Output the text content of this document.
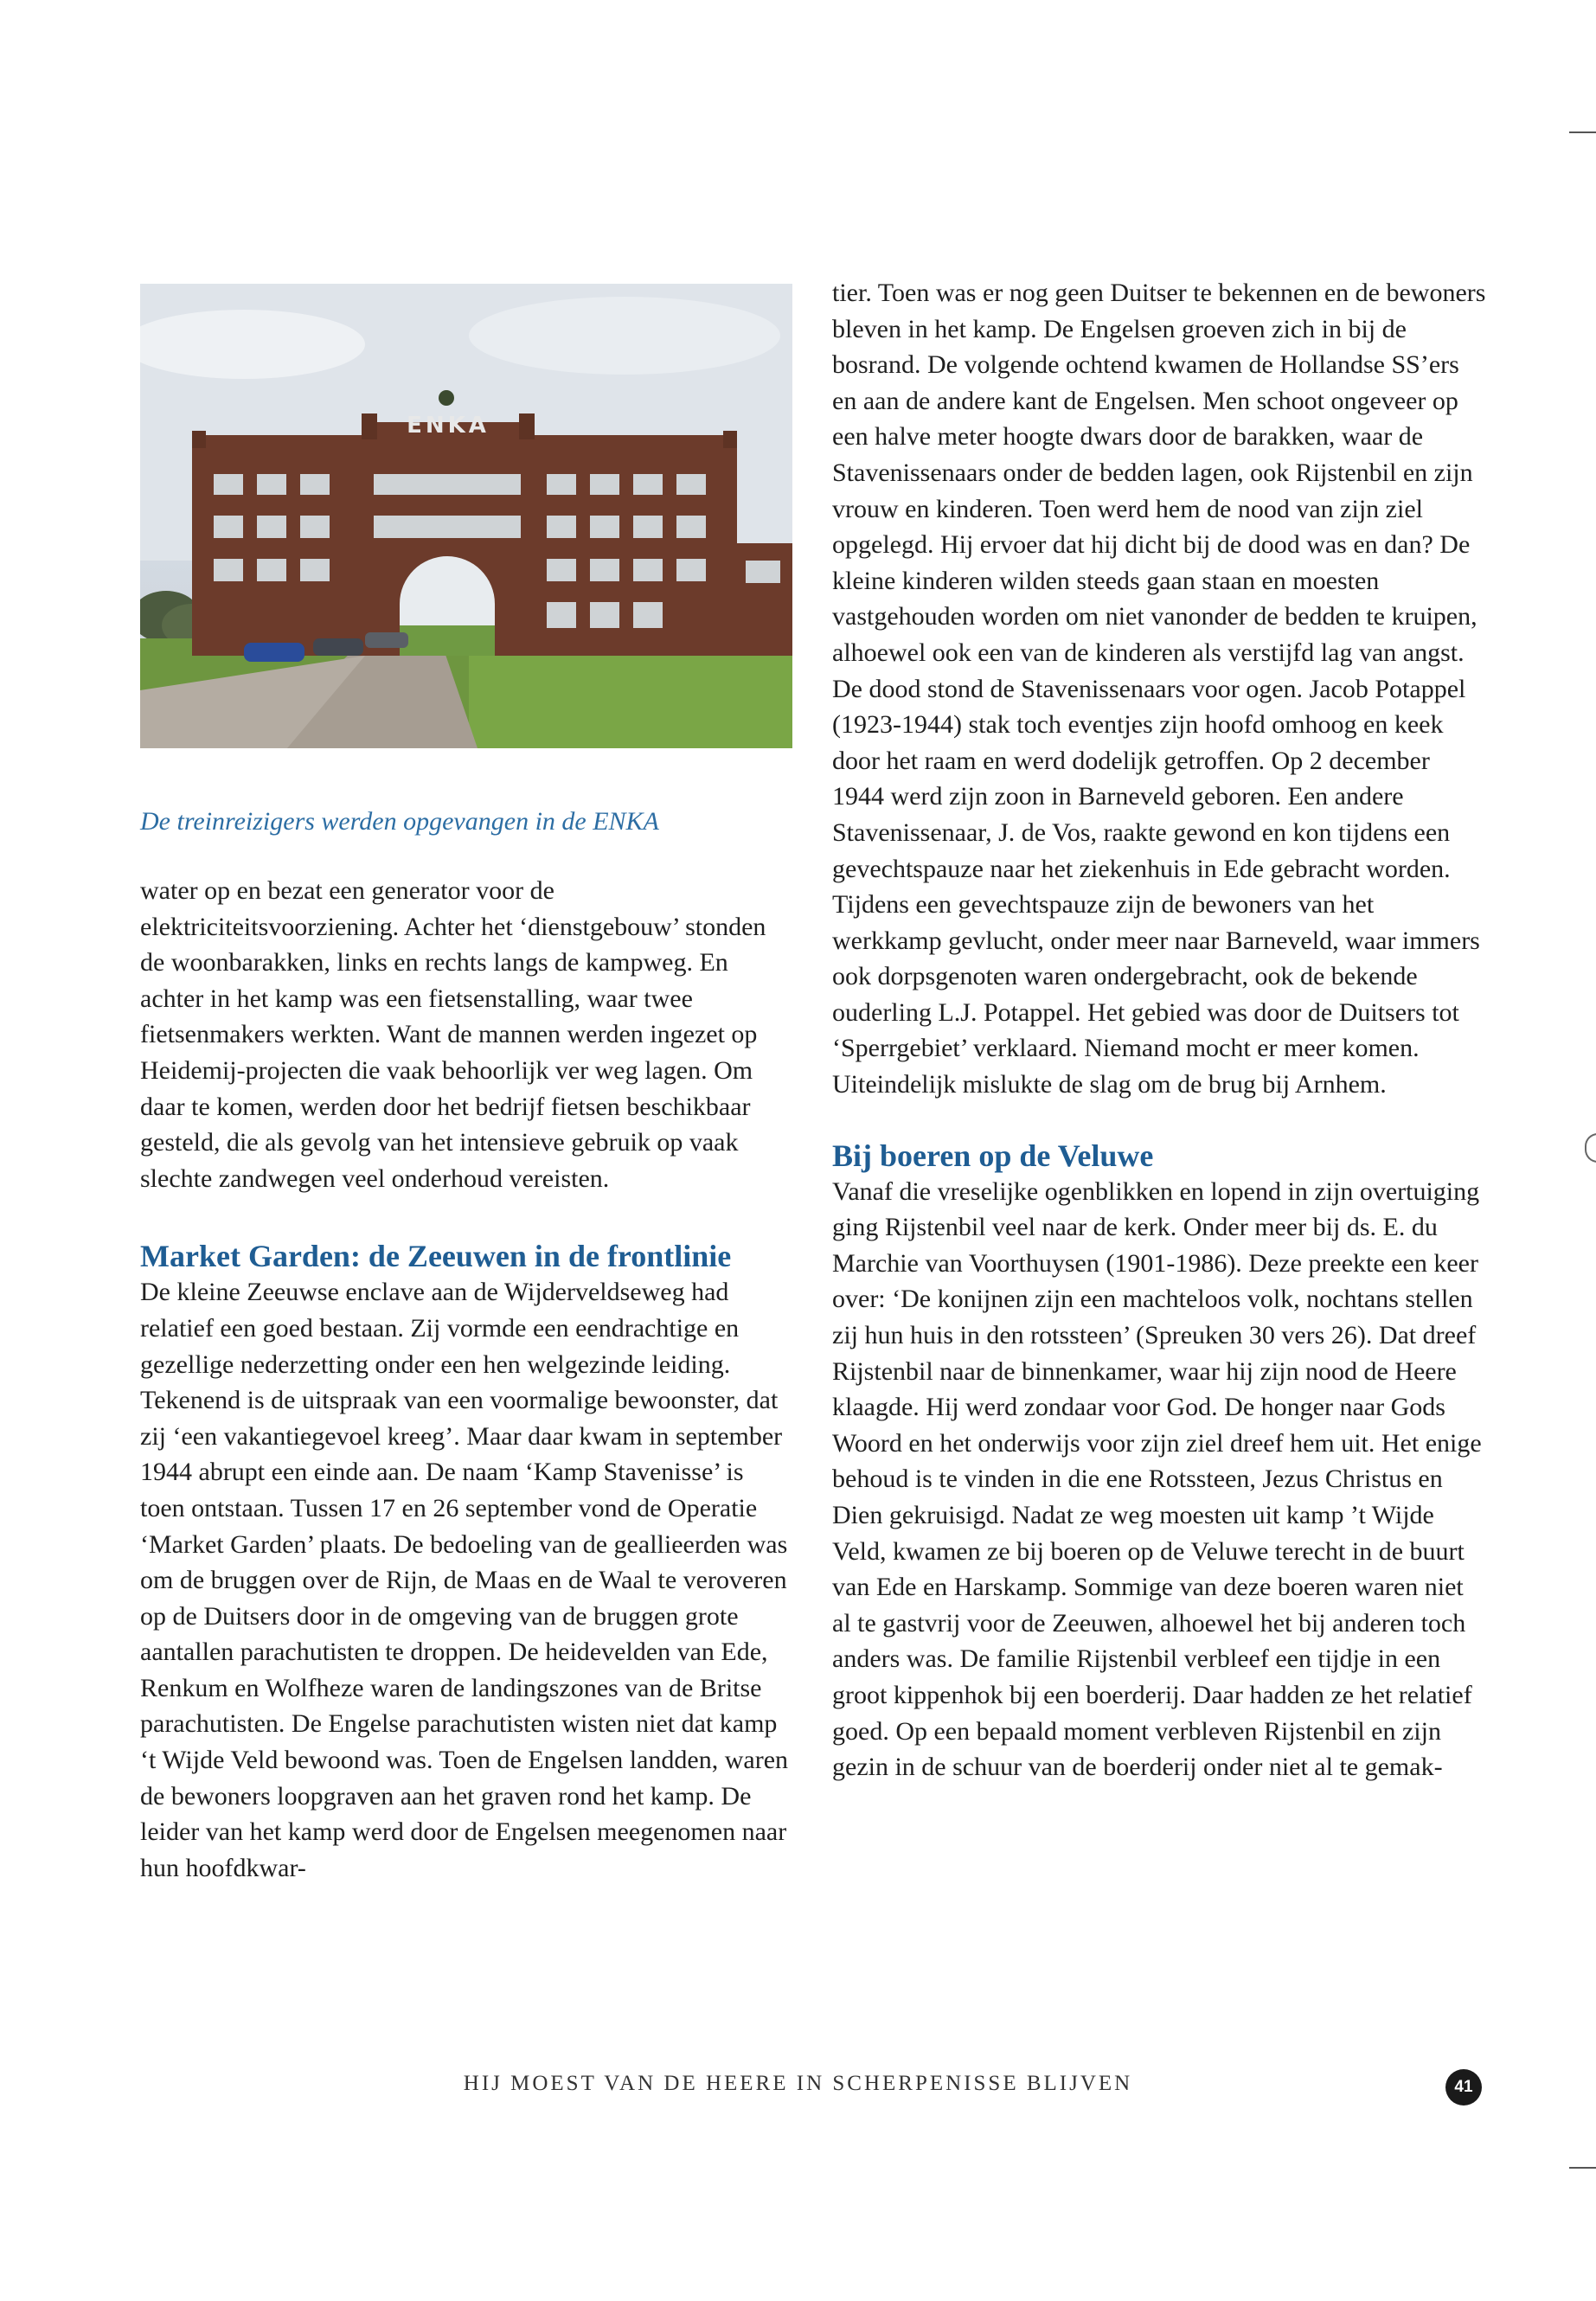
ENKA

De treinreizigers werden opgevangen in de ENKA

water op en bezat een generator voor de elektriciteitsvoorziening. Achter het ‘dienstgebouw’ stonden de woonbarakken, links en rechts langs de kampweg. En achter in het kamp was een fietsenstalling, waar twee fietsenmakers werkten. Want de mannen werden ingezet op Heidemij-projecten die vaak behoorlijk ver weg lagen. Om daar te komen, werden door het bedrijf fietsen beschikbaar gesteld, die als gevolg van het intensieve gebruik op vaak slechte zandwegen veel onderhoud vereisten.

Market Garden: de Zeeuwen in de frontlinie

De kleine Zeeuwse enclave aan de Wijderveldseweg had relatief een goed bestaan. Zij vormde een eendrachtige en gezellige nederzetting onder een hen welgezinde leiding. Tekenend is de uitspraak van een voormalige bewoonster, dat zij ‘een vakantiegevoel kreeg’. Maar daar kwam in september 1944 abrupt een einde aan. De naam ‘Kamp Stavenisse’ is toen ontstaan. Tussen 17 en 26 september vond de Operatie ‘Market Garden’ plaats. De bedoeling van de geallieerden was om de bruggen over de Rijn, de Maas en de Waal te veroveren op de Duitsers door in de omgeving van de bruggen grote aantallen parachutisten te droppen. De heidevelden van Ede, Renkum en Wolfheze waren de landingszones van de Britse parachutisten. De Engelse parachutisten wisten niet dat kamp ‘t Wijde Veld bewoond was. Toen de Engelsen landden, waren de bewoners loopgraven aan het graven rond het kamp. De leider van het kamp werd door de Engelsen meegenomen naar hun hoofdkwar-

tier. Toen was er nog geen Duitser te bekennen en de bewoners bleven in het kamp. De Engelsen groeven zich in bij de bosrand. De volgende ochtend kwamen de Hollandse SS’ers en aan de andere kant de Engelsen. Men schoot ongeveer op een halve meter hoogte dwars door de barakken, waar de Stavenissenaars onder de bedden lagen, ook Rijstenbil en zijn vrouw en kinderen. Toen werd hem de nood van zijn ziel opgelegd. Hij ervoer dat hij dicht bij de dood was en dan? De kleine kinderen wilden steeds gaan staan en moesten vastgehouden worden om niet vanonder de bedden te kruipen, alhoewel ook een van de kinderen als verstijfd lag van angst. De dood stond de Stavenissenaars voor ogen. Jacob Potappel (1923-1944) stak toch eventjes zijn hoofd omhoog en keek door het raam en werd dodelijk getroffen. Op 2 december 1944 werd zijn zoon in Barneveld geboren. Een andere Stavenissenaar, J. de Vos, raakte gewond en kon tijdens een gevechtspauze naar het ziekenhuis in Ede gebracht worden. Tijdens een gevechtspauze zijn de bewoners van het werkkamp gevlucht, onder meer naar Barneveld, waar immers ook dorpsgenoten waren ondergebracht, ook de bekende ouderling L.J. Potappel. Het gebied was door de Duitsers tot ‘Sperrgebiet’ verklaard. Niemand mocht er meer komen. Uiteindelijk mislukte de slag om de brug bij Arnhem.

Bij boeren op de Veluwe

Vanaf die vreselijke ogenblikken en lopend in zijn overtuiging ging Rijstenbil veel naar de kerk. Onder meer bij ds. E. du Marchie van Voorthuysen (1901-1986). Deze preekte een keer over: ‘De konijnen zijn een machteloos volk, nochtans stellen zij hun huis in den rotssteen’ (Spreuken 30 vers 26). Dat dreef Rijstenbil naar de binnenkamer, waar hij zijn nood de Heere klaagde. Hij werd zondaar voor God. De honger naar Gods Woord en het onderwijs voor zijn ziel dreef hem uit. Het enige behoud is te vinden in die ene Rotssteen, Jezus Christus en Dien gekruisigd. Nadat ze weg moesten uit kamp ’t Wijde Veld, kwamen ze bij boeren op de Veluwe terecht in de buurt van Ede en Harskamp. Sommige van deze boeren waren niet al te gastvrij voor de Zeeuwen, alhoewel het bij anderen toch anders was. De familie Rijstenbil verbleef een tijdje in een groot kippenhok bij een boerderij. Daar hadden ze het relatief goed. Op een bepaald moment verbleven Rijstenbil en zijn gezin in de schuur van de boerderij onder niet al te gemak-

HIJ MOEST VAN DE HEERE IN SCHERPENISSE BLIJVEN	41
